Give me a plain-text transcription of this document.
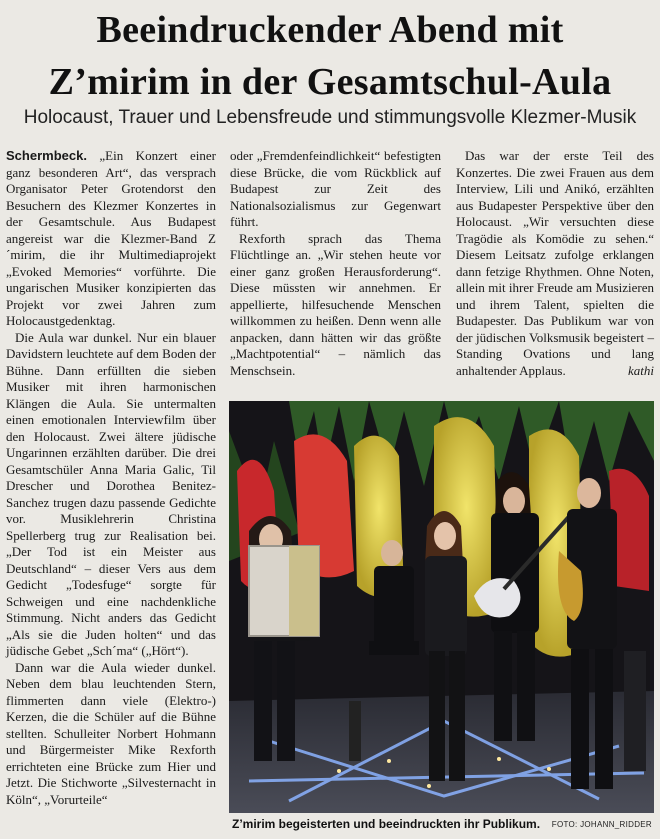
Beeindruckender Abend mit
Z’mirim in der Gesamtschul-Aula
Holocaust, Trauer und Lebensfreude und stimmungsvolle Klezmer-Musik

Schermbeck. „Ein Konzert einer ganz besonderen Art“, das versprach Organisator Peter Grotendorst den Besuchern des Klezmer Konzertes in der Gesamtschule. Aus Budapest angereist war die Klezmer-Band Z´mirim, die ihr Multimediaprojekt „Evoked Memories“ vorführte. Die ungarischen Musiker konzipierten das Projekt vor zwei Jahren zum Holocaustgedenktag.

Die Aula war dunkel. Nur ein blauer Davidstern leuchtete auf dem Boden der Bühne. Dann erfüllten die sieben Musiker mit ihren harmonischen Klängen die Aula. Sie untermalten einen emotionalen Interviewfilm über den Holocaust. Zwei ältere jüdische Ungarinnen erzählten darüber. Die drei Gesamtschüler Anna Maria Galic, Til Drescher und Dorothea Benitez-Sanchez trugen dazu passende Gedichte vor. Musiklehrerin Christina Spellerberg trug zur Realisation bei. „Der Tod ist ein Meister aus Deutschland“ – dieser Vers aus dem Gedicht „Todesfuge“ sorgte für Schweigen und eine nachdenkliche Stimmung. Nicht anders das Gedicht „Als sie die Juden holten“ und das jüdische Gebet „Sch´ma“ („Hört“).

Dann war die Aula wieder dunkel. Neben dem blau leuchtenden Stern, flimmerten dann viele (Elektro-) Kerzen, die die Schüler auf die Bühne stellten. Schulleiter Norbert Hohmann und Bürgermeister Mike Rexforth errichteten eine Brücke zum Hier und Jetzt. Die Stichworte „Silvesternacht in Köln“, „Vorurteile“

oder „Fremdenfeindlichkeit“ befestigten diese Brücke, die vom Rückblick auf Budapest zur Zeit des Nationalsozialismus zur Gegenwart führt.

Rexforth sprach das Thema Flüchtlinge an. „Wir stehen heute vor einer ganz großen Herausforderung“. Diese müssten wir annehmen. Er appellierte, hilfesuchende Menschen willkommen zu heißen. Denn wenn alle anpacken, dann hätten wir das größte „Machtpotential“ – nämlich das Menschsein.

Das war der erste Teil des Konzertes. Die zwei Frauen aus dem Interview, Lili und Anikó, erzählten aus Budapester Perspektive über den Holocaust. „Wir versuchten diese Tragödie als Komödie zu sehen.“ Diesem Leitsatz zufolge erklangen dann fetzige Rhythmen. Ohne Noten, allein mit ihrer Freude am Musizieren und ihrem Talent, spielten die Budapester. Das Publikum war von der jüdischen Volksmusik begeistert – Standing Ovations und lang anhaltender Applaus.	kathi
Z’mirim begeisterten und beeindruckten ihr Publikum.	FOTO: JOHANN_RIDDER
